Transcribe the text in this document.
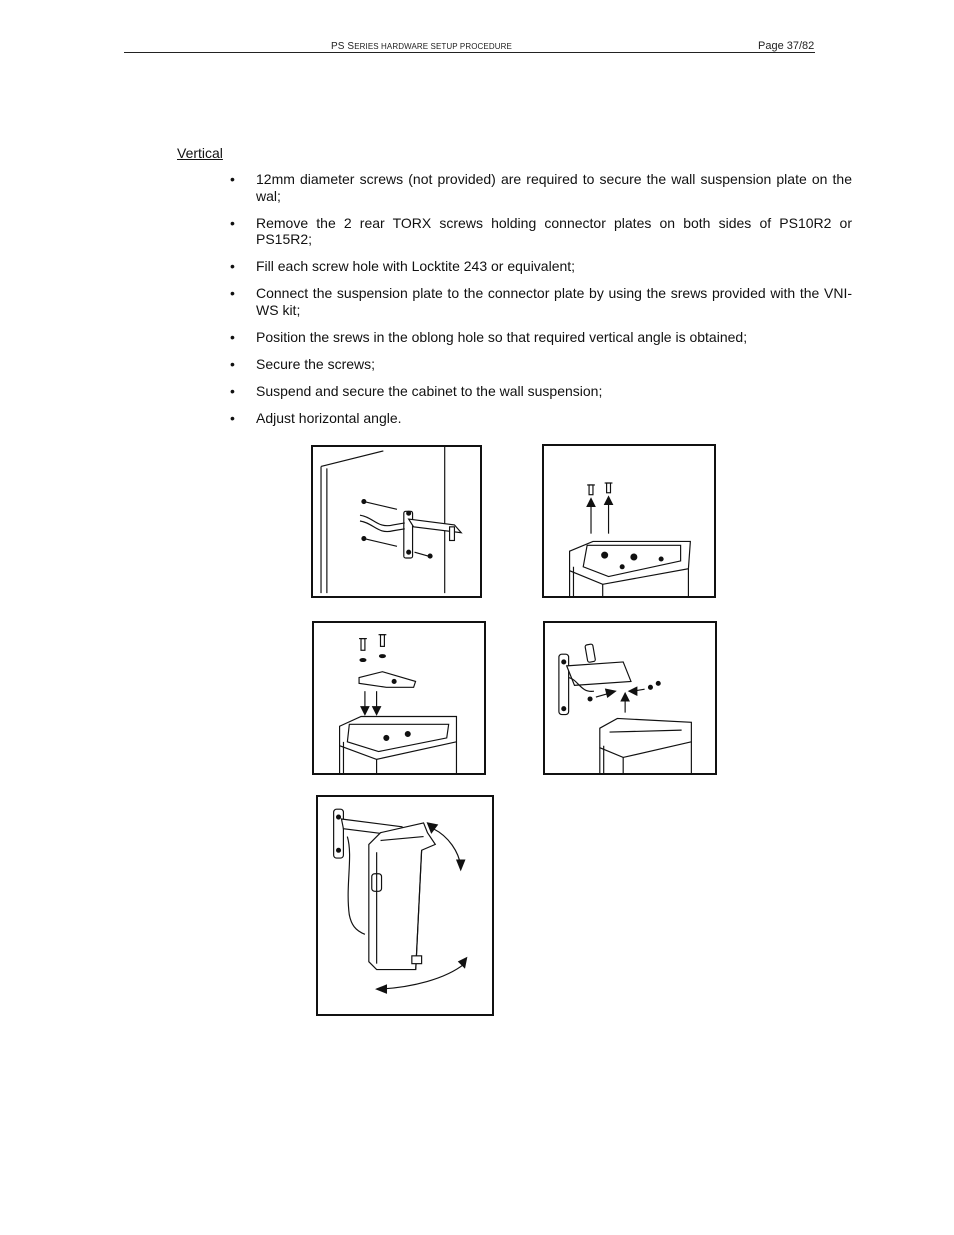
PS SERIES HARDWARE SETUP PROCEDURE	Page 37/82
Vertical
• 12mm diameter screws (not provided) are required to secure the wall suspension plate on the wal;
• Remove the 2 rear TORX screws holding connector plates on both sides of PS10R2 or PS15R2;
• Fill each screw hole with Locktite 243 or equivalent;
• Connect the suspension plate to the connector plate by using the srews provided with the VNI-WS kit;
• Position the srews in the oblong hole so that required vertical angle is obtained;
• Secure the screws;
• Suspend and secure the cabinet to the wall suspension;
• Adjust horizontal angle.
